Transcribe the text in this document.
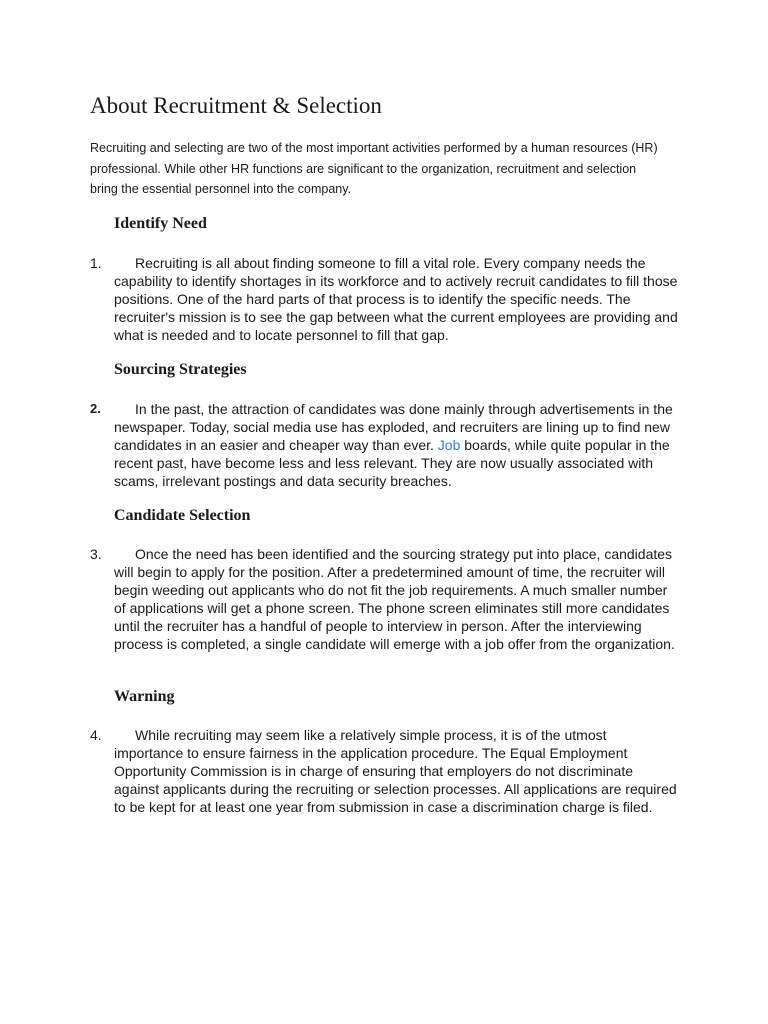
About Recruitment & Selection

Recruiting and selecting are two of the most important activities performed by a human resources (HR) professional. While other HR functions are significant to the organization, recruitment and selection bring the essential personnel into the company.

Identify Need
1.	Recruiting is all about finding someone to fill a vital role. Every company needs the capability to identify shortages in its workforce and to actively recruit candidates to fill those positions. One of the hard parts of that process is to identify the specific needs. The recruiter's mission is to see the gap between what the current employees are providing and what is needed and to locate personnel to fill that gap.
Sourcing Strategies
2.	In the past, the attraction of candidates was done mainly through advertisements in the newspaper. Today, social media use has exploded, and recruiters are lining up to find new candidates in an easier and cheaper way than ever. Job boards, while quite popular in the recent past, have become less and less relevant. They are now usually associated with scams, irrelevant postings and data security breaches.
Candidate Selection
3.	Once the need has been identified and the sourcing strategy put into place, candidates will begin to apply for the position. After a predetermined amount of time, the recruiter will begin weeding out applicants who do not fit the job requirements. A much smaller number of applications will get a phone screen. The phone screen eliminates still more candidates until the recruiter has a handful of people to interview in person. After the interviewing process is completed, a single candidate will emerge with a job offer from the organization.
Warning
4.	While recruiting may seem like a relatively simple process, it is of the utmost importance to ensure fairness in the application procedure. The Equal Employment Opportunity Commission is in charge of ensuring that employers do not discriminate against applicants during the recruiting or selection processes. All applications are required to be kept for at least one year from submission in case a discrimination charge is filed.
